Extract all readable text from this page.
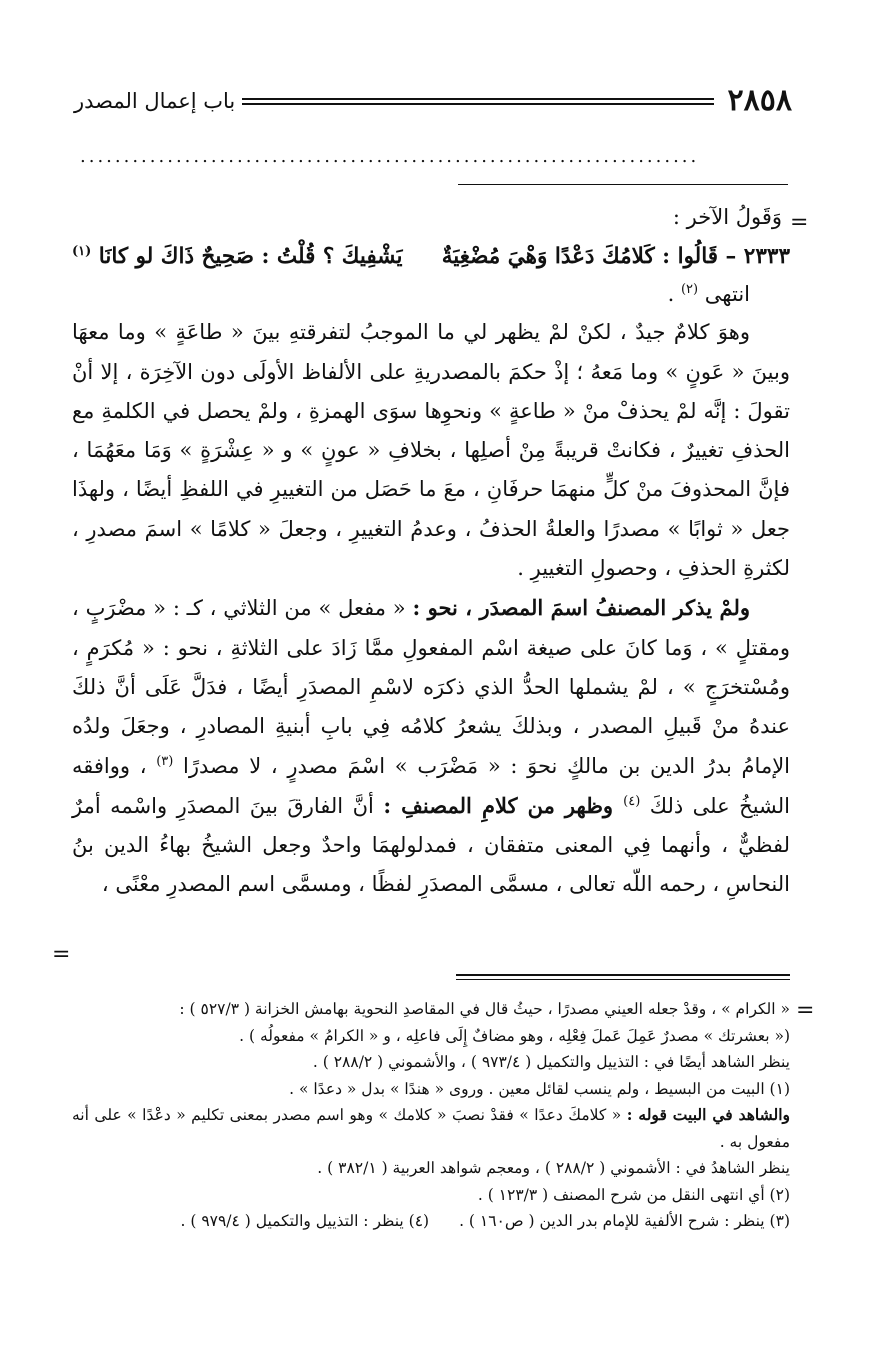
٢٨٥٨
باب إعمال المصدر
.......................................................................
=

وَقَولُ الآخر :

٢٣٣٣ – قَالُوا : كَلامُكَ دَعْدًا وَهْيَ مُضْغِيَةٌ
يَشْفِيكَ ؟ قُلْتُ : صَحِيحٌ ذَاكَ لو كانَا $^{(١)}$

انتهى $^{(٢)}$ .

وهوَ كلامٌ جيدٌ ، لكنْ لمْ يظهر لي ما الموجبُ لتفرقتهِ بينَ « طاعَةٍ » وما معهَا وبينَ « عَونٍ » وما مَعهُ ؛ إذْ حكمَ بالمصدريةِ على الألفاظ الأولَى دون الآخِرَة ، إلا أنْ تقولَ : إنَّه لمْ يحذفْ منْ « طاعةٍ » ونحوِها سوَى الهمزةِ ، ولمْ يحصل في الكلمةِ مع الحذفِ تغييرٌ ، فكانتْ قريبةً مِنْ أصلِها ، بخلافِ « عونٍ » و « عِشْرَةٍ » وَمَا معَهُمَا ، فإنَّ المحذوفَ منْ كلٍّ منهمَا حرفَانِ ، معَ ما حَصَل من التغييرِ في اللفظِ أيضًا ، ولهذَا جعل « ثوابًا » مصدرًا والعلةُ الحذفُ ، وعدمُ التغييرِ ، وجعلَ « كلامًا » اسمَ مصدرِ ، لكثرةِ الحذفِ ، وحصولِ التغييرِ .

ولمْ يذكر المصنفُ اسمَ المصدَر ، نحو : « مفعل » من الثلاثي ، كـ : « مضْرَبٍ ، ومقتلٍ » ، وَما كانَ على صيغة اسْم المفعولِ ممَّا زَادَ على الثلاثةِ ، نحو : « مُكرَمٍ ، ومُسْتخرَجٍ » ، لمْ يشملها الحدُّ الذي ذكرَه لاسْمِ المصدَرِ أيضًا ، فدَلَّ عَلَى أنَّ ذلكَ عندهُ منْ قَبيلِ المصدر ، وبذلكَ يشعرُ كلامُه فِي بابِ أبنيةِ المصادرِ ، وجعَلَ ولدُه الإمامُ بدرُ الدين بن مالكٍ نحوَ : « مَضْرَب » اسْمَ مصدرٍ ، لا مصدرًا $^{(٣)}$ ، ووافقه الشيخُ على ذلكَ $^{(٤)}$ وظهر من كلامِ المصنفِ : أنَّ الفارقَ بينَ المصدَرِ واسْمه أمرٌ لفظيٌّ ، وأنهما فِي المعنى متفقان ، فمدلولهمَا واحدٌ وجعل الشيخُ بهاءُ الدين بنُ النحاسِ ، رحمه اللّه تعالى ، مسمَّى المصدَرِ لفظًا ، ومسمَّى اسم المصدرِ معْنًى ،

=
=

« الكرام » ، وقدْ جعله العيني مصدرًا ، حيثُ قال في المقاصدِ النحوية بهامش الخزانة ( ٥٢٧/٣ ) :

(« بعشرتك » مصدرٌ عَمِلَ عَملَ فِعْلِه ، وهو مضافٌ إِلَى فاعلِه ، و « الكرامُ » مفعولُه ) .

ينظر الشاهد أيضًا في : التذييل والتكميل ( ٩٧٣/٤ ) ، والأشموني ( ٢٨٨/٢ ) .

(١) البيت من البسيط ، ولم ينسب لقائل معين . وروى « هندًا » بدل « دعدًا » .

والشاهد في البيت قوله : « كلامكَ دعدًا » فقدْ نصبَ « كلامك » وهو اسم مصدر بمعنى تكليم « دعْدًا » على أنه مفعول به .

ينظر الشاهدُ في : الأشموني ( ٢٨٨/٢ ) ، ومعجم شواهد العربية ( ٣٨٢/١ ) .

(٢) أي انتهى النقل من شرح المصنف ( ١٢٣/٣ ) .

(٣) ينظر : شرح الألفية للإمام بدر الدين ( ص١٦٠ ) .(٤) ينظر : التذييل والتكميل ( ٩٧٩/٤ ) .
